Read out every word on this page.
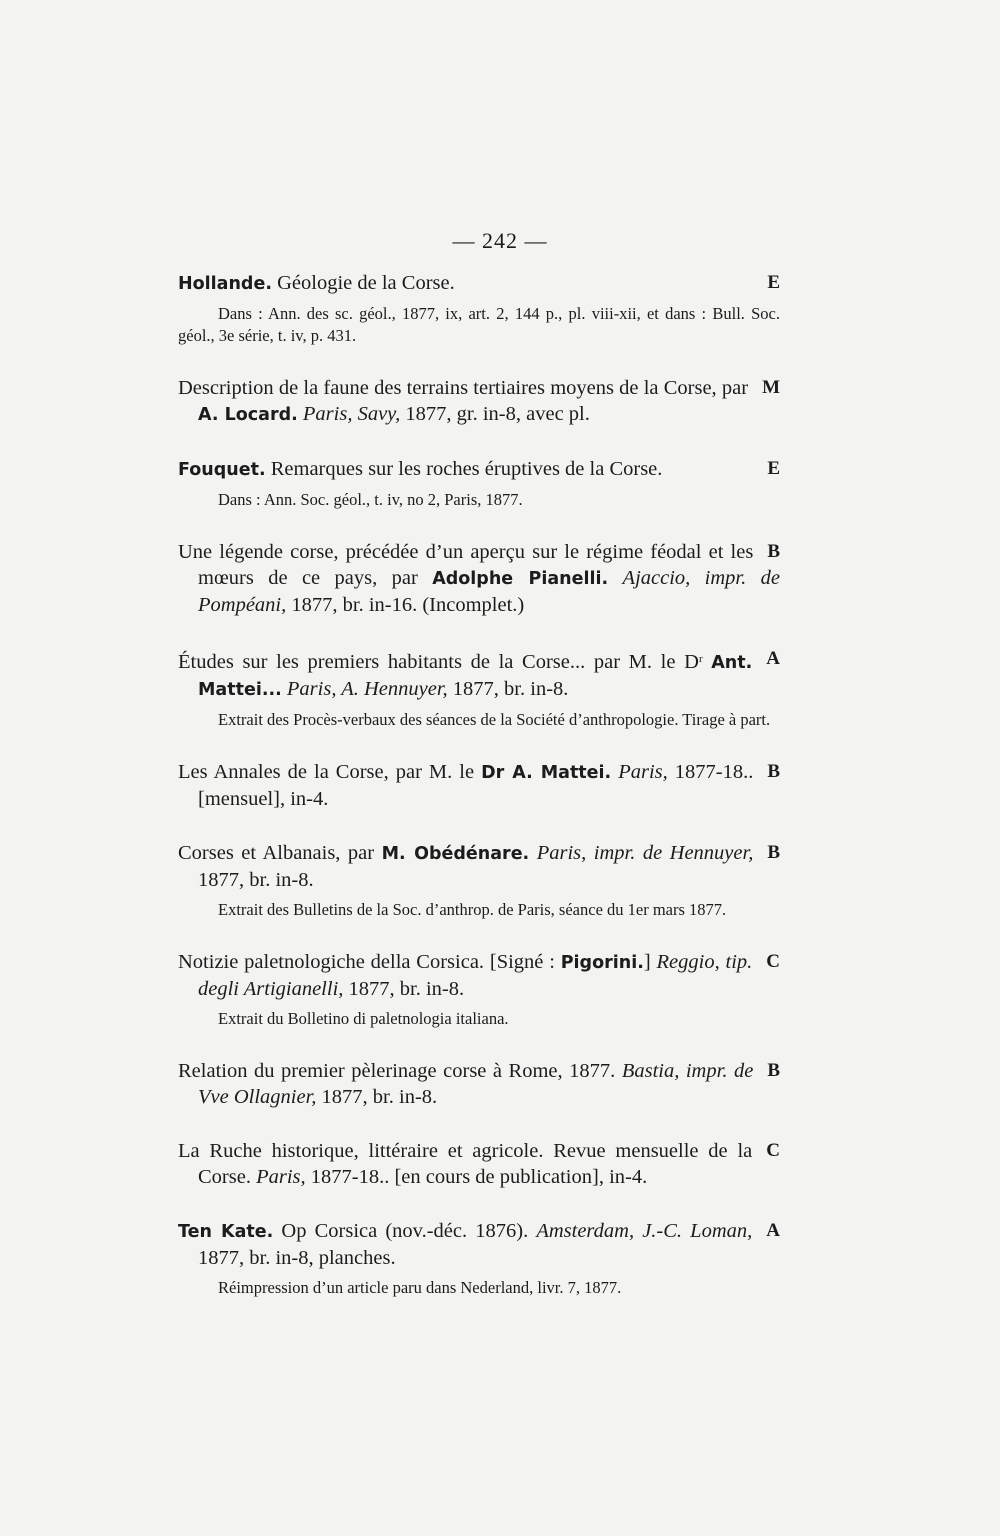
— 242 —
E
Hollande. Géologie de la Corse.
Dans : Ann. des sc. géol., 1877, ix, art. 2, 144 p., pl. viii-xii, et dans : Bull. Soc. géol., 3e série, t. iv, p. 431.
M
Description de la faune des terrains tertiaires moyens de la Corse, par A. Locard. Paris, Savy, 1877, gr. in-8, avec pl.
E
Fouquet. Remarques sur les roches éruptives de la Corse.
Dans : Ann. Soc. géol., t. iv, no 2, Paris, 1877.
B
Une légende corse, précédée d’un aperçu sur le régime féodal et les mœurs de ce pays, par Adolphe Pianelli. Ajaccio, impr. de Pompéani, 1877, br. in-16. (Incomplet.)
A
Études sur les premiers habitants de la Corse... par M. le $D^r$ Ant. Mattei... Paris, A. Hennuyer, 1877, br. in-8.
Extrait des Procès-verbaux des séances de la Société d’anthropologie. Tirage à part.
B
Les Annales de la Corse, par M. le Dr A. Mattei. Paris, 1877-18.. [mensuel], in-4.
B
Corses et Albanais, par M. Obédénare. Paris, impr. de Hennuyer, 1877, br. in-8.
Extrait des Bulletins de la Soc. d’anthrop. de Paris, séance du 1er mars 1877.
C
Notizie paletnologiche della Corsica. [Signé : Pigorini.] Reggio, tip. degli Artigianelli, 1877, br. in-8.
Extrait du Bolletino di paletnologia italiana.
B
Relation du premier pèlerinage corse à Rome, 1877. Bastia, impr. de Vve Ollagnier, 1877, br. in-8.
C
La Ruche historique, littéraire et agricole. Revue mensuelle de la Corse. Paris, 1877-18.. [en cours de publication], in-4.
A
Ten Kate. Op Corsica (nov.-déc. 1876). Amsterdam, J.-C. Loman, 1877, br. in-8, planches.
Réimpression d’un article paru dans Nederland, livr. 7, 1877.
